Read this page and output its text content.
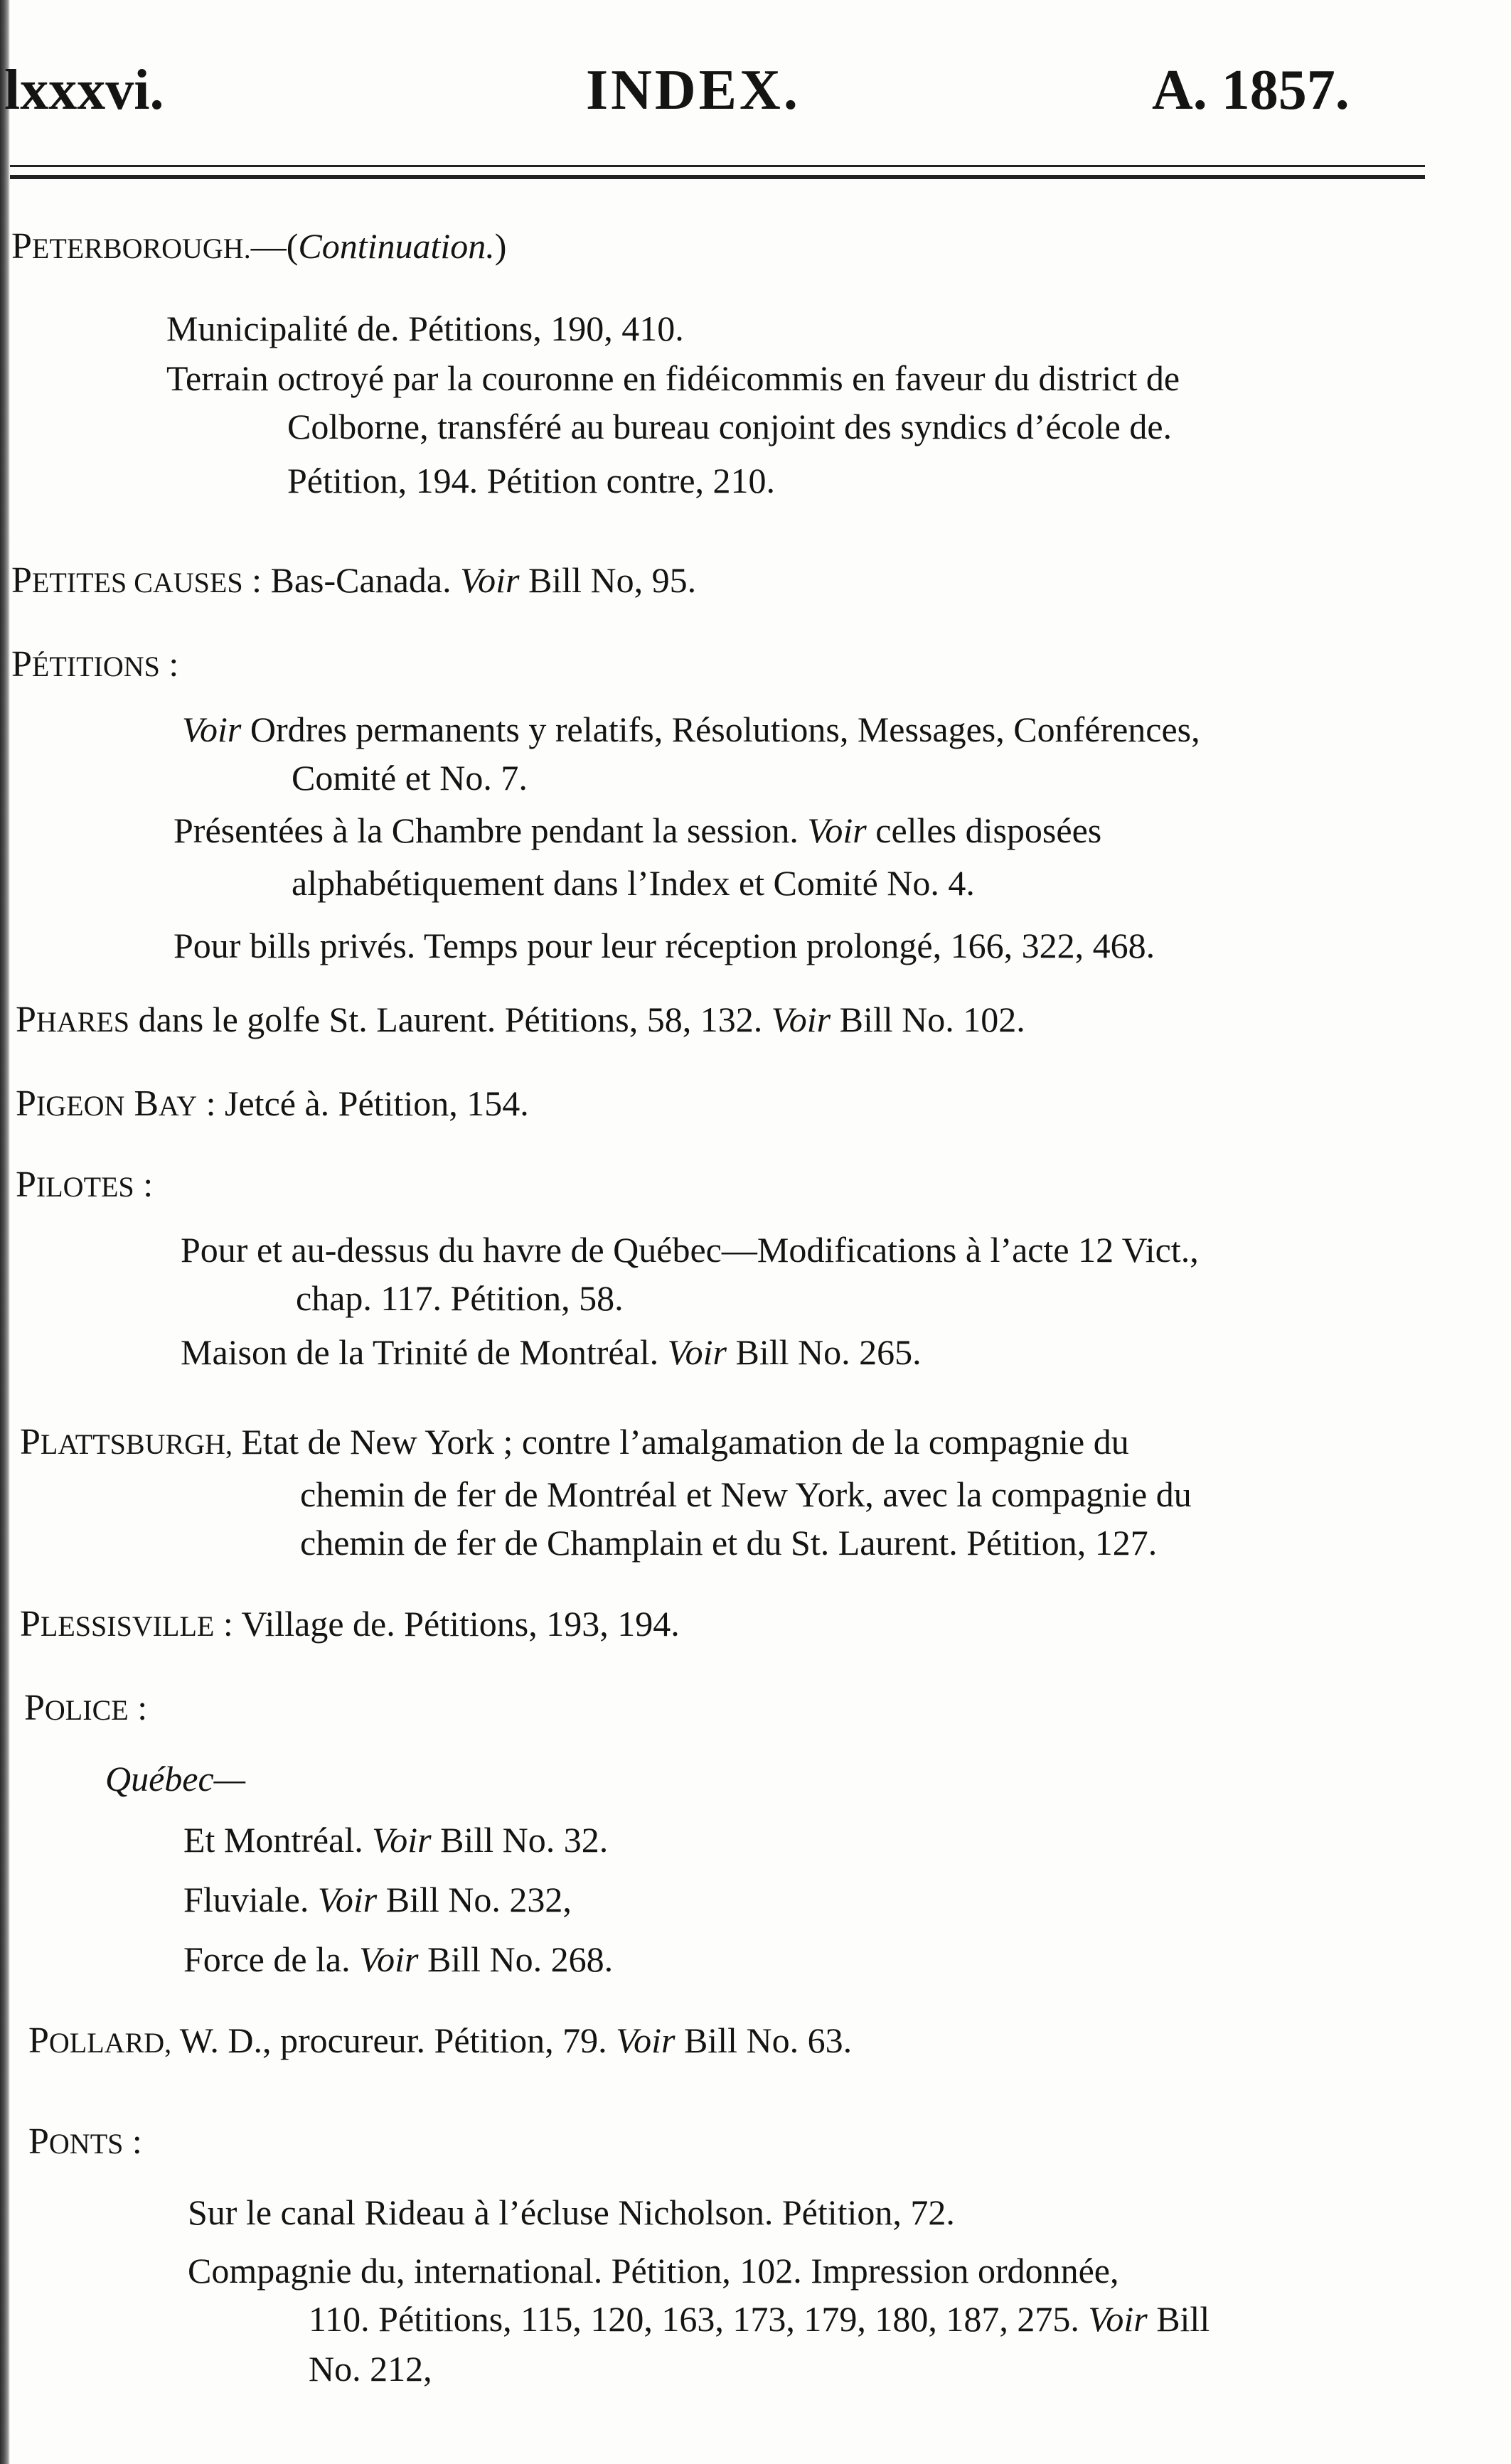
lxxxvi.	INDEX.	A. 1857.
PETERBOROUGH.—(Continuation.)
Municipalité de. Pétitions, 190, 410.
Terrain octroyé par la couronne en fidéicommis en faveur du district de
Colborne, transféré au bureau conjoint des syndics d’école de.
Pétition, 194. Pétition contre, 210.
PETITES CAUSES : Bas-Canada. Voir Bill No, 95.
PÉTITIONS :
Voir Ordres permanents y relatifs, Résolutions, Messages, Conférences,
Comité et No. 7.
Présentées à la Chambre pendant la session. Voir celles disposées
alphabétiquement dans l’Index et Comité No. 4.
Pour bills privés. Temps pour leur réception prolongé, 166, 322, 468.
PHARES dans le golfe St. Laurent. Pétitions, 58, 132. Voir Bill No. 102.
PIGEON BAY : Jetcé à. Pétition, 154.
PILOTES :
Pour et au-dessus du havre de Québec—Modifications à l’acte 12 Vict.,
chap. 117. Pétition, 58.
Maison de la Trinité de Montréal. Voir Bill No. 265.
PLATTSBURGH, Etat de New York ; contre l’amalgamation de la compagnie du
chemin de fer de Montréal et New York, avec la compagnie du
chemin de fer de Champlain et du St. Laurent. Pétition, 127.
PLESSISVILLE : Village de. Pétitions, 193, 194.
POLICE :
Québec—
Et Montréal. Voir Bill No. 32.
Fluviale. Voir Bill No. 232,
Force de la. Voir Bill No. 268.
POLLARD, W. D., procureur. Pétition, 79. Voir Bill No. 63.
PONTS :
Sur le canal Rideau à l’écluse Nicholson. Pétition, 72.
Compagnie du, international. Pétition, 102. Impression ordonnée,
110. Pétitions, 115, 120, 163, 173, 179, 180, 187, 275. Voir Bill
No. 212,
